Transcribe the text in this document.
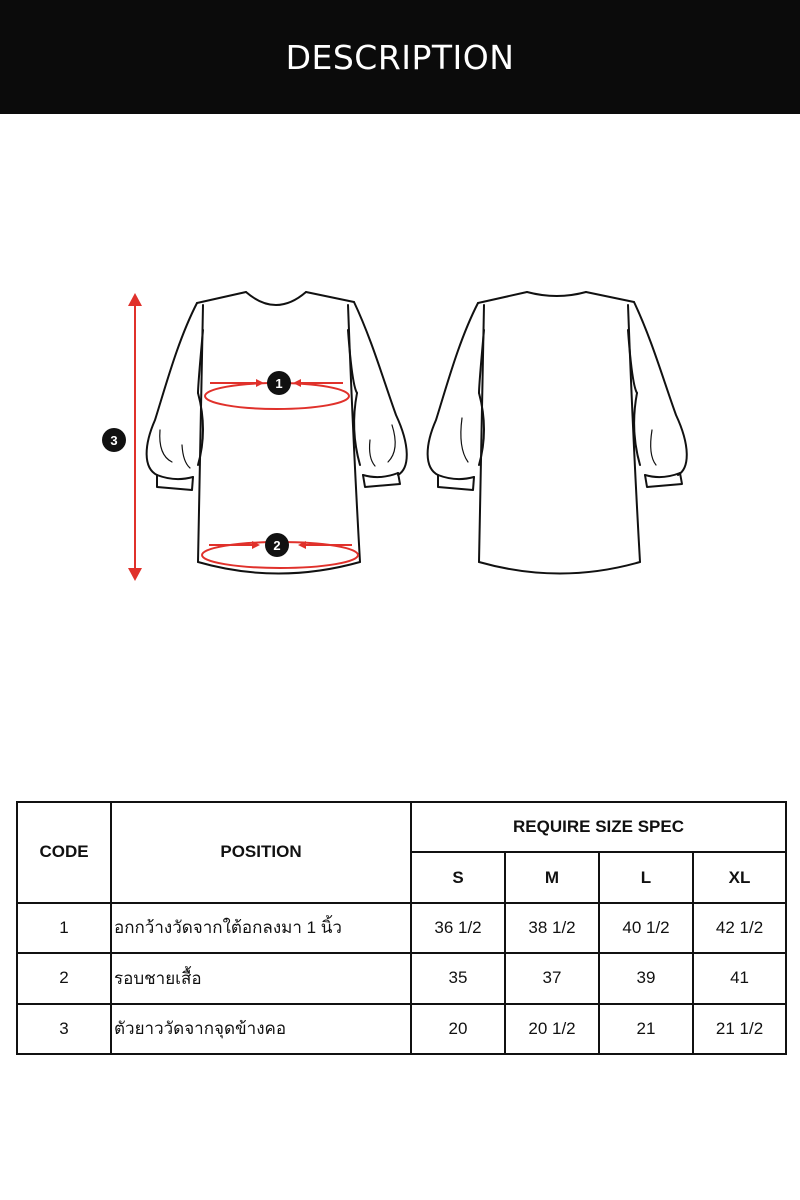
DESCRIPTION
1
2
3
CODE	POSITION	REQUIRE SIZE SPEC			
		S	M	L	XL
1	อกกว้างวัดจากใต้อกลงมา 1 นิ้ว	36 1/2	38 1/2	40 1/2	42 1/2
2	รอบชายเสื้อ	35	37	39	41
3	ตัวยาววัดจากจุดข้างคอ	20	20 1/2	21	21 1/2
